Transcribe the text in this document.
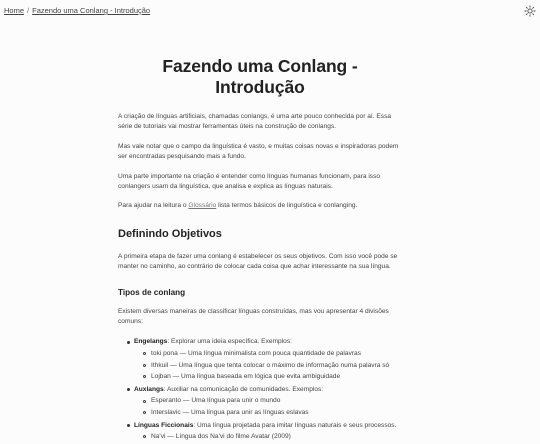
Home / Fazendo uma Conlang - Introdução
Fazendo uma Conlang - Introdução

A criação de línguas artificiais, chamadas conlangs, é uma arte pouco conhecida por aí. Essa série de tutoriais vai mostrar ferramentas úteis na construção de conlangs.

Mas vale notar que o campo da linguística é vasto, e muitas coisas novas e inspiradoras podem ser encontradas pesquisando mais a fundo.

Uma parte importante na criação é entender como línguas humanas funcionam, para isso conlangers usam da linguística, que analisa e explica as línguas naturais.

Para ajudar na leitura o Glossário lista termos básicos de linguística e conlanging.

Definindo Objetivos

A primeira etapa de fazer uma conlang é estabelecer os seus objetivos. Com isso você pode se manter no caminho, ao contrário de colocar cada coisa que achar interessante na sua língua.

Tipos de conlang

Existem diversas maneiras de classificar línguas construídas, mas vou apresentar 4 divisões comuns:

Engelangs: Explorar uma ideia específica. Exemplos:
toki pona — Uma língua minimalista com pouca quantidade de palavras
Ithkuil — Uma língua que tenta colocar o máximo de informação numa palavra só
Lojban — Uma língua baseada em lógica que evita ambiguidade
Auxlangs: Auxiliar na comunicação de comunidades. Exemplos:
Esperanto — Uma língua para unir o mundo
Interslavic — Uma língua para unir as línguas eslavas
Línguas Ficcionais: Uma língua projetada para imitar línguas naturais e seus processos.
Na'vi — Língua dos Na'vi do filme Avatar (2009)
